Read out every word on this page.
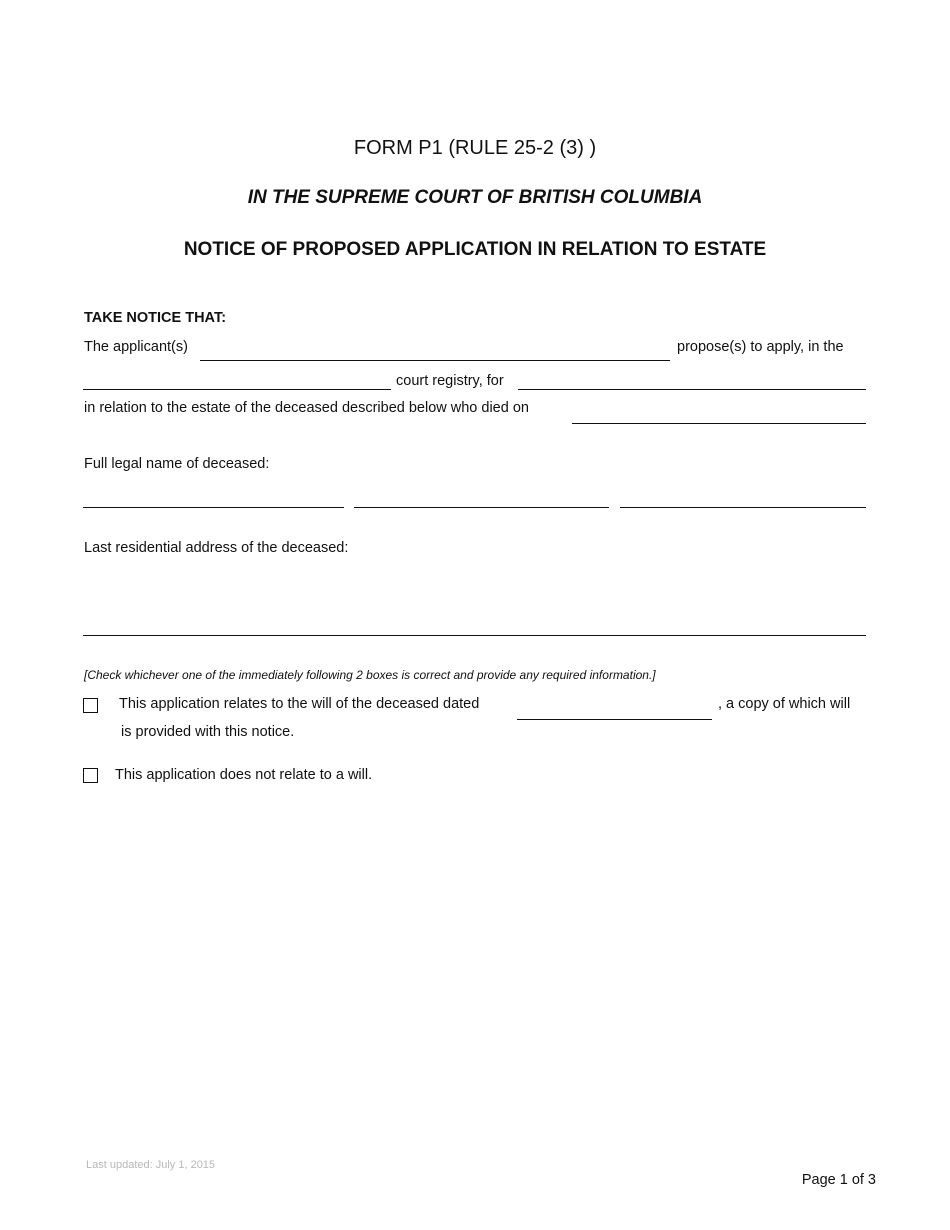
FORM P1 (RULE 25-2 (3) )
IN THE SUPREME COURT OF BRITISH COLUMBIA
NOTICE OF PROPOSED APPLICATION IN RELATION TO ESTATE
TAKE NOTICE THAT:
The applicant(s)	propose(s) to apply, in the
court registry, for
in relation to the estate of the deceased described below who died on
Full legal name of deceased:
Last residential address of the deceased:
[Check whichever one of the immediately following 2 boxes is correct and provide any required information.]
This application relates to the will of the deceased dated	, a copy of which will
is provided with this notice.
This application does not relate to a will.
Last updated: July 1, 2015
Page 1 of 3
